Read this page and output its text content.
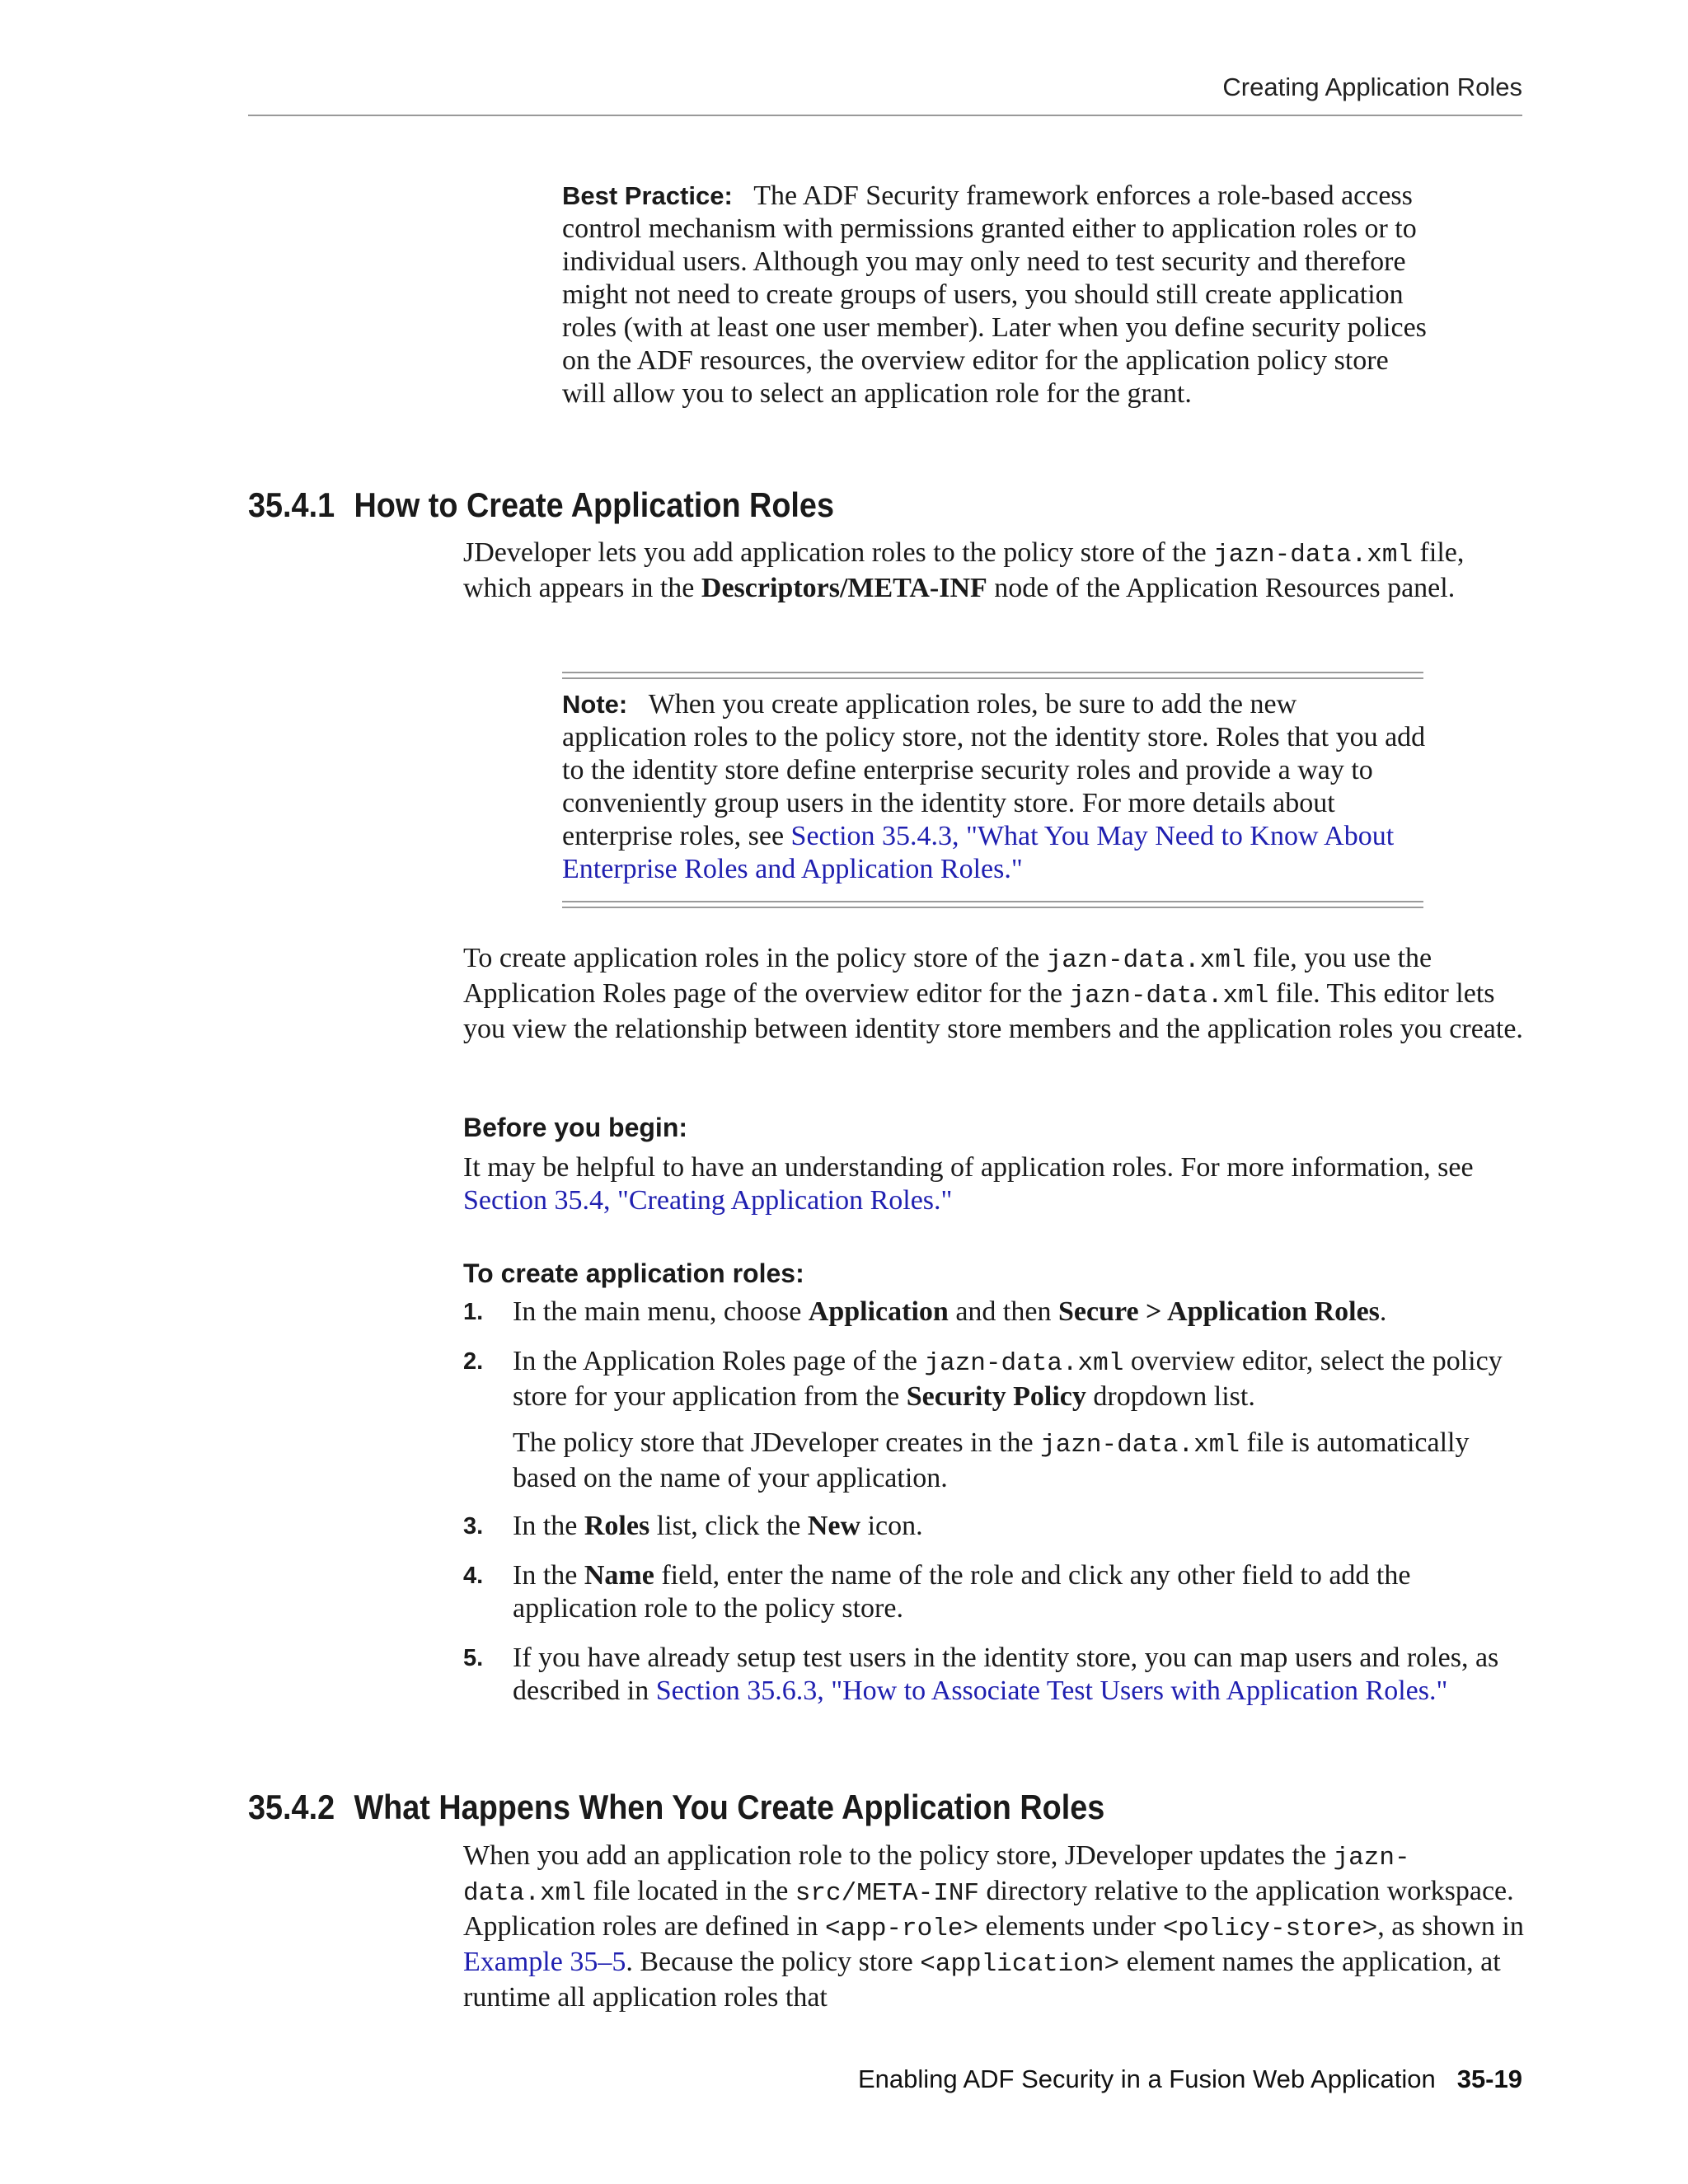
Creating Application Roles

Best Practice: The ADF Security framework enforces a role-based access control mechanism with permissions granted either to application roles or to individual users. Although you may only need to test security and therefore might not need to create groups of users, you should still create application roles (with at least one user member). Later when you define security polices on the ADF resources, the overview editor for the application policy store will allow you to select an application role for the grant.

35.4.1 How to Create Application Roles

JDeveloper lets you add application roles to the policy store of the jazn-data.xml file, which appears in the Descriptors/META-INF node of the Application Resources panel.

Note: When you create application roles, be sure to add the new application roles to the policy store, not the identity store. Roles that you add to the identity store define enterprise security roles and provide a way to conveniently group users in the identity store. For more details about enterprise roles, see Section 35.4.3, "What You May Need to Know About Enterprise Roles and Application Roles."

To create application roles in the policy store of the jazn-data.xml file, you use the Application Roles page of the overview editor for the jazn-data.xml file. This editor lets you view the relationship between identity store members and the application roles you create.

Before you begin:

It may be helpful to have an understanding of application roles. For more information, see Section 35.4, "Creating Application Roles."

To create application roles:

1. In the main menu, choose Application and then Secure > Application Roles.
2. In the Application Roles page of the jazn-data.xml overview editor, select the policy store for your application from the Security Policy dropdown list.
The policy store that JDeveloper creates in the jazn-data.xml file is automatically based on the name of your application.
3. In the Roles list, click the New icon.
4. In the Name field, enter the name of the role and click any other field to add the application role to the policy store.
5. If you have already setup test users in the identity store, you can map users and roles, as described in Section 35.6.3, "How to Associate Test Users with Application Roles."
35.4.2 What Happens When You Create Application Roles

When you add an application role to the policy store, JDeveloper updates the jazn-data.xml file located in the src/META-INF directory relative to the application workspace. Application roles are defined in <app-role> elements under <policy-store>, as shown in Example 35–5. Because the policy store <application> element names the application, at runtime all application roles that

Enabling ADF Security in a Fusion Web Application 35-19
